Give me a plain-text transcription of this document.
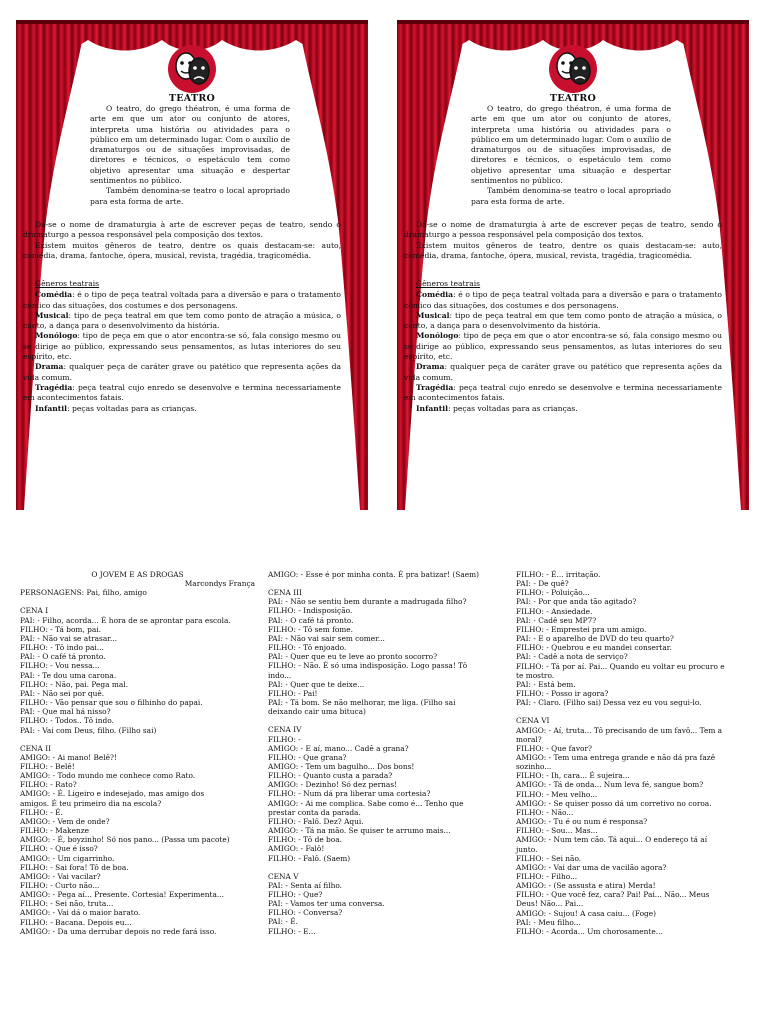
TEATRO

O teatro, do grego théatron, é uma forma de arte em que um ator ou conjunto de atores, interpreta uma história ou atividades para o público em um determinado lugar. Com o auxílio de dramaturgos ou de situações improvisadas, de diretores e técnicos, o espetáculo tem como objetivo apresentar uma situação e despertar sentimentos no público.

Também denomina-se teatro o local apropriado para esta forma de arte.

Dá-se o nome de dramaturgia à arte de escrever peças de teatro, sendo o dramaturgo a pessoa responsável pela composição dos textos.

Existem muitos gêneros de teatro, dentre os quais destacam-se: auto, comédia, drama, fantoche, ópera, musical, revista, tragédia, tragicomédia.

Gêneros teatrais

Comédia: é o tipo de peça teatral voltada para a diversão e para o tratamento cômico das situações, dos costumes e dos personagens.

Musical: tipo de peça teatral em que tem como ponto de atração a música, o canto, a dança para o desenvolvimento da história.

Monólogo: tipo de peça em que o ator encontra-se só, fala consigo mesmo ou se dirige ao público, expressando seus pensamentos, as lutas interiores do seu espírito, etc.

Drama: qualquer peça de caráter grave ou patético que representa ações da vida comum.

Tragédia: peça teatral cujo enredo se desenvolve e termina necessariamente em acontecimentos fatais.

Infantil: peças voltadas para as crianças.

TEATRO

O teatro, do grego théatron, é uma forma de arte em que um ator ou conjunto de atores, interpreta uma história ou atividades para o público em um determinado lugar. Com o auxílio de dramaturgos ou de situações improvisadas, de diretores e técnicos, o espetáculo tem como objetivo apresentar uma situação e despertar sentimentos no público.

Também denomina-se teatro o local apropriado para esta forma de arte.

Dá-se o nome de dramaturgia à arte de escrever peças de teatro, sendo o dramaturgo a pessoa responsável pela composição dos textos.

Existem muitos gêneros de teatro, dentre os quais destacam-se: auto, comédia, drama, fantoche, ópera, musical, revista, tragédia, tragicomédia.

Gêneros teatrais

Comédia: é o tipo de peça teatral voltada para a diversão e para o tratamento cômico das situações, dos costumes e dos personagens.

Musical: tipo de peça teatral em que tem como ponto de atração a música, o canto, a dança para o desenvolvimento da história.

Monólogo: tipo de peça em que o ator encontra-se só, fala consigo mesmo ou se dirige ao público, expressando seus pensamentos, as lutas interiores do seu espírito, etc.

Drama: qualquer peça de caráter grave ou patético que representa ações da vida comum.

Tragédia: peça teatral cujo enredo se desenvolve e termina necessariamente em acontecimentos fatais.

Infantil: peças voltadas para as crianças.

O JOVEM E AS DROGAS
Marcondys França
PERSONAGENS: Pai, filho, amigo
CENA I
PAI: - Filho, acorda... É hora de se aprontar para escola.
FILHO: - Tá bom, pai.
PAI: - Não vai se atrasar...
FILHO: - Tô indo pai...
PAI: - O café tá pronto.
FILHO: - Vou nessa...
PAI: - Te dou uma carona.
FILHO: - Não, pai. Pega mal.
PAI: - Não sei por quê.
FILHO: - Vão pensar que sou o filhinho do papai.
PAI: - Que mal há nisso?
FILHO: - Todos.. Tô indo.
PAI: - Vai com Deus, filho. (Filho sai)
CENA II
AMIGO: - Ai mano! Belê?!
FILHO: - Belê!
AMIGO: - Todo mundo me conhece como Rato.
FILHO: - Rato?
AMIGO: - É. Ligeiro e indesejado, mas amigo dos
amigos. É teu primeiro dia na escola?
FILHO: - É.
AMIGO: - Vem de onde?
FILHO: - Makenze
AMIGO: - É, boyzinho! Só nos pano... (Passa um pacote)
FILHO: - Que é isso?
AMIGO: - Um cigarrinho.
FILHO: - Sai fora! Tô de boa.
AMIGO: - Vai vacilar?
FILHO: - Curto não...
AMIGO: - Pega aí... Presente. Cortesia! Experimenta...
FILHO: - Sei não, truta...
AMIGO: - Vai dá o maior barato.
FILHO: - Bacana. Depois eu...
AMIGO: - Da uma derrubar depois no rede fará isso.
AMIGO: - Esse é por minha conta. É pra batizar! (Saem)
CENA III
PAI: - Não se sentiu bem durante a madrugada filho?
FILHO: - Indisposição.
PAI: - O café tá pronto.
FILHO: - Tô sem fome.
PAI: - Não vai sair sem comer...
FILHO: - Tô enjoado.
PAI: - Quer que eu te leve ao pronto socorro?
FILHO: - Não. É só uma indisposição. Logo passa! Tô
indo...
PAI: - Quer que te deixe...
FILHO: - Pai!
PAI: - Tá bom. Se não melhorar, me liga. (Filho sai
deixando cair uma bituca)
CENA IV
FILHO: -
AMIGO: - E aí, mano... Cadê a grana?
FILHO: - Que grana?
AMIGO: - Tem um bagulho... Dos bons!
FILHO: - Quanto custa a parada?
AMIGO: - Dezinho! Só dez pernas!
FILHO: - Num dá pra liberar uma cortesia?
AMIGO: - Ai me complica. Sabe como é... Tenho que
prestar conta da parada.
FILHO: - Falô. Dez? Aqui.
AMIGO: - Tá na mão. Se quiser te arrumo mais...
FILHO: - Tô de boa.
AMIGO: - Falô!
FILHO: - Falô. (Saem)
CENA V
PAI: - Senta aí filho.
FILHO: - Que?
PAI: - Vamos ter uma conversa.
FILHO: - Conversa?
PAI: - É.
FILHO: - E...
FILHO: - É... irritação.
PAI: - De quê?
FILHO: - Poluição...
PAI: - Por que anda tão agitado?
FILHO: - Ansiedade.
PAI: - Cadê seu MP7?
FILHO: - Emprestei pra um amigo.
PAI: - E o aparelho de DVD do teu quarto?
FILHO: - Quebrou e eu mandei consertar.
PAI: - Cadê a nota de serviço?
FILHO: - Tá por aí. Pai... Quando eu voltar eu procuro e
te mostro.
PAI: - Está bem.
FILHO: - Posso ir agora?
PAI: - Claro. (Filho sai) Dessa vez eu vou segui-lo.
CENA VI
AMIGO: - Aí, truta... Tô precisando de um favô... Tem a
moral?
FILHO: - Que favor?
AMIGO: - Tem uma entrega grande e não dá pra fazê
sozinho...
FILHO: - Ih, cara... É sujeira...
AMIGO: - Tá de onda... Num leva fé, sangue bom?
FILHO: - Meu velho...
AMIGO: - Se quiser posso dá um corretivo no coroa.
FILHO: - Não...
AMIGO: - Tu é ou num é responsa?
FILHO: - Sou... Mas...
AMIGO: - Num tem cão. Tá aqui... O endereço tá aí
junto.
FILHO: - Sei não.
AMIGO: - Vai dar uma de vacilão agora?
FILHO: - Filho...
AMIGO: - (Se assusta e atira) Merda!
FILHO: - Que você fez, cara? Pai! Pai... Não... Meus
Deus! Não... Pai...
AMIGO: - Sujou! A casa caiu... (Foge)
PAI: - Meu filho...
FILHO: - Acorda... Um chorosamente...
